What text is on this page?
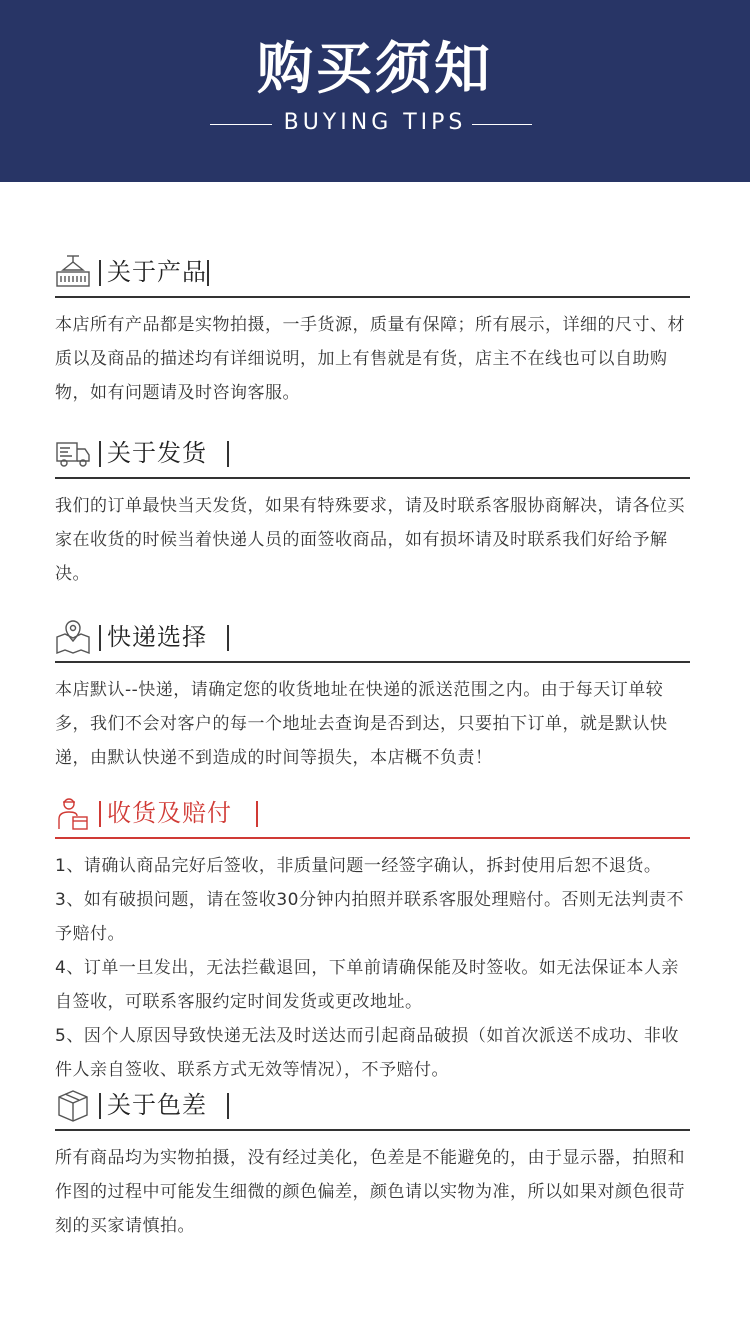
购买须知
BUYING TIPS
关于产品

本店所有产品都是实物拍摄，一手货源，质量有保障；所有展示，详细的尺寸、材质以及商品的描述均有详细说明，加上有售就是有货，店主不在线也可以自助购物，如有问题请及时咨询客服。

关于发货

我们的订单最快当天发货，如果有特殊要求，请及时联系客服协商解决，请各位买家在收货的时候当着快递人员的面签收商品，如有损坏请及时联系我们好给予解决。

快递选择

本店默认--快递，请确定您的收货地址在快递的派送范围之内。由于每天订单较多，我们不会对客户的每一个地址去查询是否到达，只要拍下订单，就是默认快递，由默认快递不到造成的时间等损失，本店概不负责！

收货及赔付

1、请确认商品完好后签收，非质量问题一经签字确认，拆封使用后恕不退货。

3、如有破损问题，请在签收30分钟内拍照并联系客服处理赔付。否则无法判责不予赔付。

4、订单一旦发出，无法拦截退回，下单前请确保能及时签收。如无法保证本人亲自签收，可联系客服约定时间发货或更改地址。

5、因个人原因导致快递无法及时送达而引起商品破损（如首次派送不成功、非收件人亲自签收、联系方式无效等情况），不予赔付。

关于色差

所有商品均为实物拍摄，没有经过美化，色差是不能避免的，由于显示器，拍照和作图的过程中可能发生细微的颜色偏差，颜色请以实物为准，所以如果对颜色很苛刻的买家请慎拍。
